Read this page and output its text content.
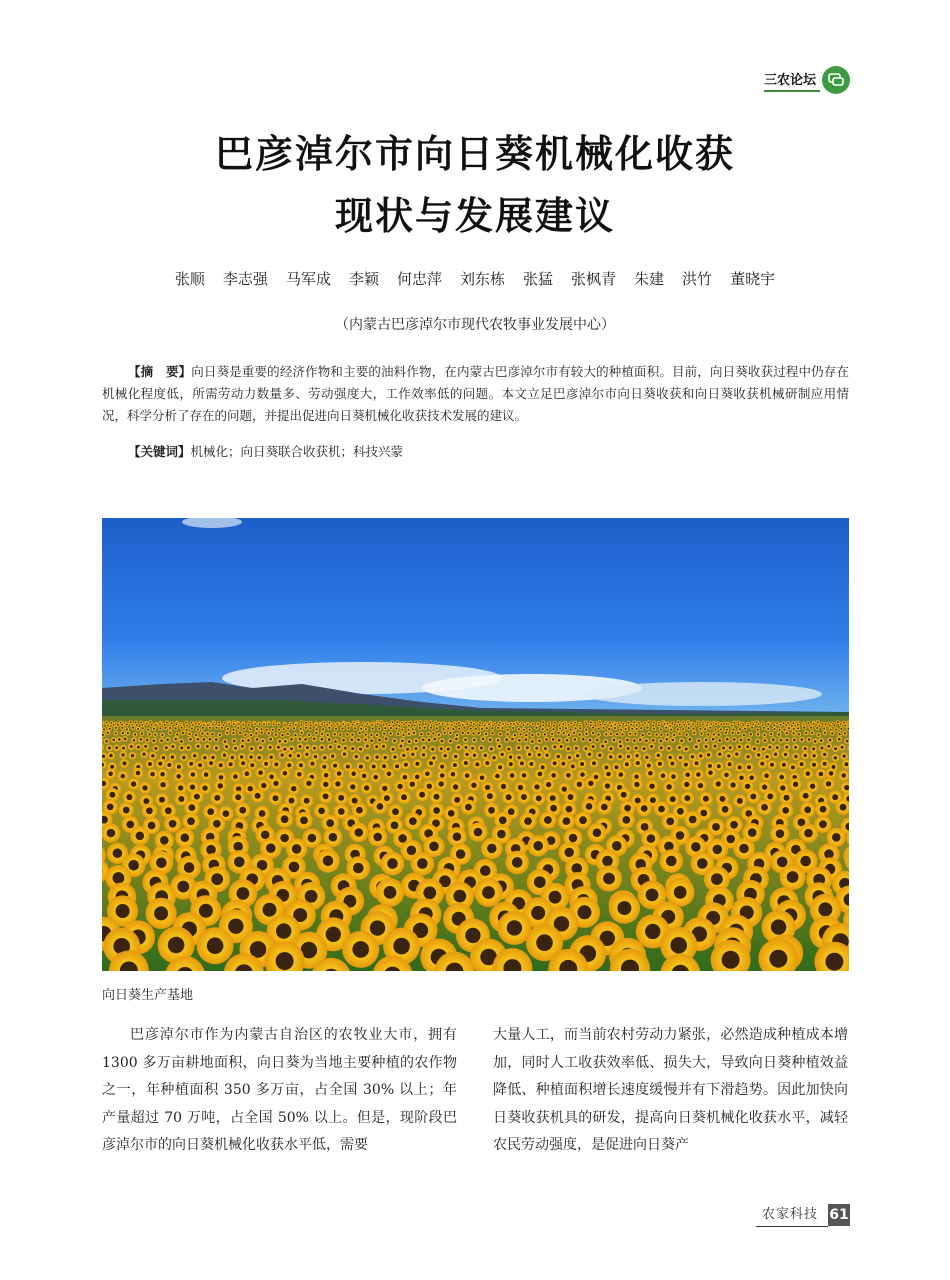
三农论坛
巴彦淖尔市向日葵机械化收获
现状与发展建议
张顺 李志强 马军成 李颖 何忠萍 刘东栋 张猛 张枫青 朱建 洪竹 董晓宇
（内蒙古巴彦淖尔市现代农牧事业发展中心）
【摘　要】向日葵是重要的经济作物和主要的油料作物，在内蒙古巴彦淖尔市有较大的种植面积。目前，向日葵收获过程中仍存在机械化程度低，所需劳动力数量多、劳动强度大，工作效率低的问题。本文立足巴彦淖尔市向日葵收获和向日葵收获机械研制应用情况，科学分析了存在的问题，并提出促进向日葵机械化收获技术发展的建议。
【关键词】机械化；向日葵联合收获机；科技兴蒙
向日葵生产基地
巴彦淖尔市作为内蒙古自治区的农牧业大市，拥有 1300 多万亩耕地面积，向日葵为当地主要种植的农作物之一，年种植面积 350 多万亩，占全国 30% 以上；年产量超过 70 万吨，占全国 50% 以上。但是，现阶段巴彦淖尔市的向日葵机械化收获水平低，需要
大量人工，而当前农村劳动力紧张，必然造成种植成本增加，同时人工收获效率低、损失大，导致向日葵种植效益降低、种植面积增长速度缓慢并有下滑趋势。因此加快向日葵收获机具的研发，提高向日葵机械化收获水平，减轻农民劳动强度，是促进向日葵产
农家科技 61
